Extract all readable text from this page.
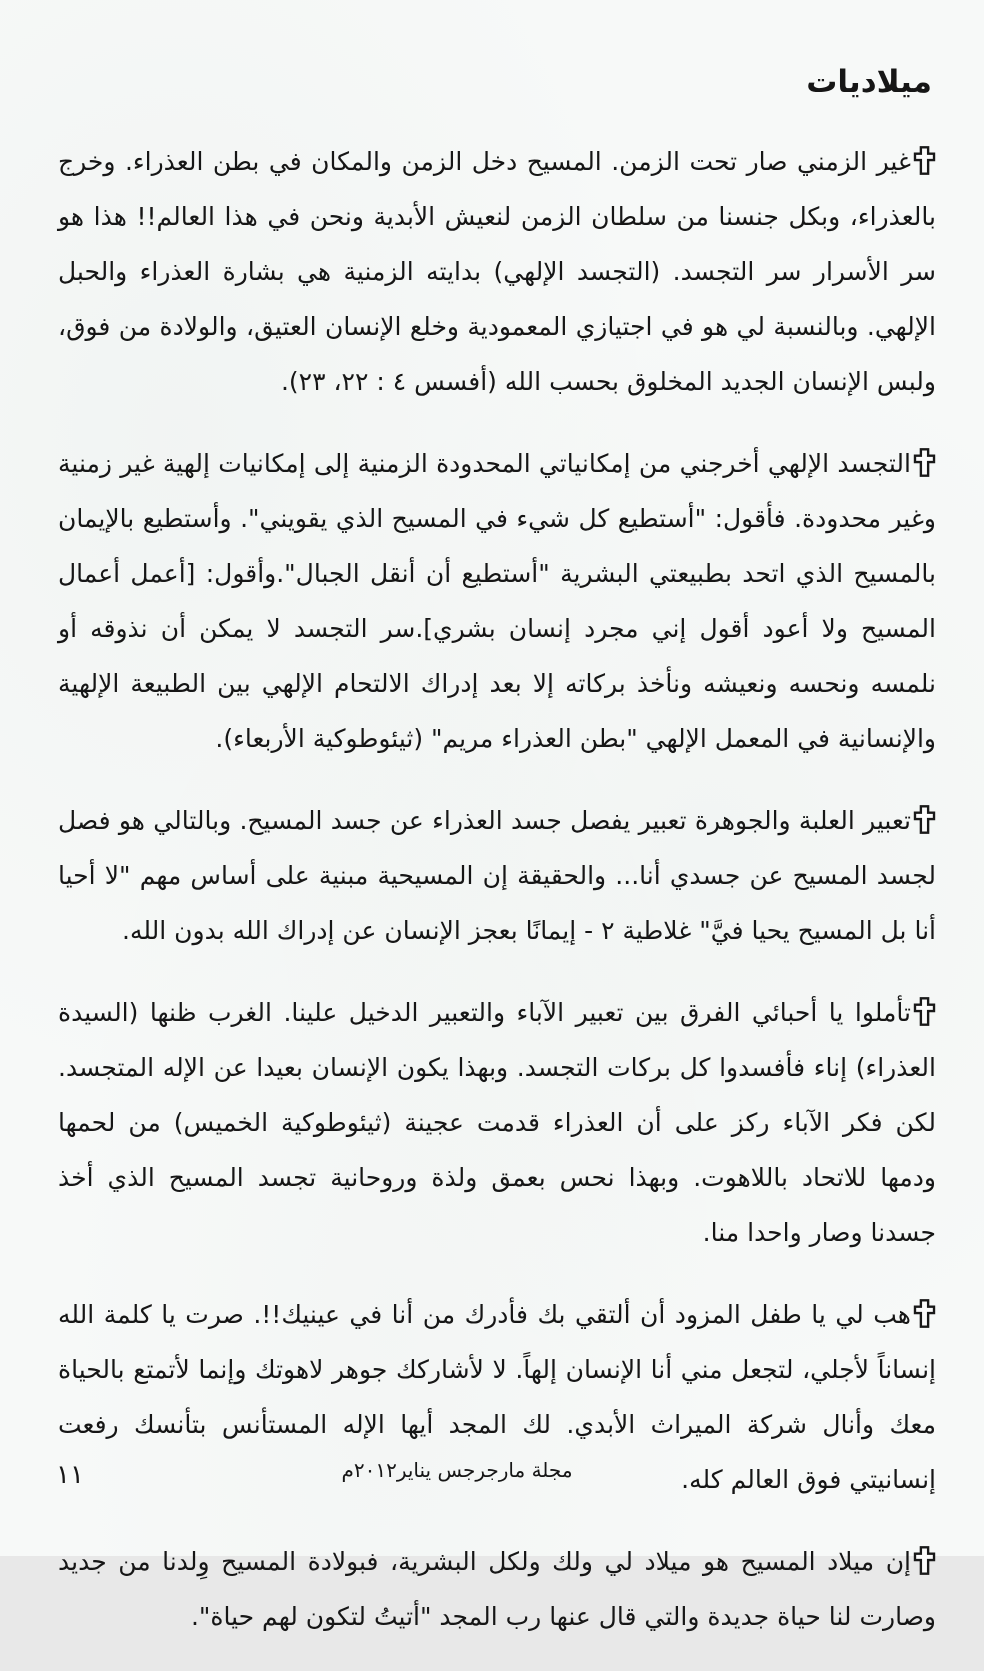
ميلاديات

غير الزمني صار تحت الزمن. المسيح دخل الزمن والمكان في بطن العذراء. وخرج بالعذراء، وبكل جنسنا من سلطان الزمن لنعيش الأبدية ونحن في هذا العالم!! هذا هو سر الأسرار سر التجسد. (التجسد الإلهي) بدايته الزمنية هي بشارة العذراء والحبل الإلهي. وبالنسبة لي هو في اجتيازي المعمودية وخلع الإنسان العتيق، والولادة من فوق، ولبس الإنسان الجديد المخلوق بحسب الله (أفسس ٤ : ٢٢، ٢٣).

التجسد الإلهي أخرجني من إمكانياتي المحدودة الزمنية إلى إمكانيات إلهية غير زمنية وغير محدودة. فأقول: "أستطيع كل شيء في المسيح الذي يقويني". وأستطيع بالإيمان بالمسيح الذي اتحد بطبيعتي البشرية "أستطيع أن أنقل الجبال".وأقول: [أعمل أعمال المسيح ولا أعود أقول إني مجرد إنسان بشري].سر التجسد لا يمكن أن نذوقه أو نلمسه ونحسه ونعيشه ونأخذ بركاته إلا بعد إدراك الالتحام الإلهي بين الطبيعة الإلهية والإنسانية في المعمل الإلهي "بطن العذراء مريم" (ثيئوطوكية الأربعاء).

تعبير العلبة والجوهرة تعبير يفصل جسد العذراء عن جسد المسيح. وبالتالي هو فصل لجسد المسيح عن جسدي أنا... والحقيقة إن المسيحية مبنية على أساس مهم "لا أحيا أنا بل المسيح يحيا فيَّ" غلاطية ٢ - إيمانًا بعجز الإنسان عن إدراك الله بدون الله.

تأملوا يا أحبائي الفرق بين تعبير الآباء والتعبير الدخيل علينا. الغرب ظنها (السيدة العذراء) إناء فأفسدوا كل بركات التجسد. وبهذا يكون الإنسان بعيدا عن الإله المتجسد. لكن فكر الآباء ركز على أن العذراء قدمت عجينة (ثيئوطوكية الخميس) من لحمها ودمها للاتحاد باللاهوت. وبهذا نحس بعمق ولذة وروحانية تجسد المسيح الذي أخذ جسدنا وصار واحدا منا.

هب لي يا طفل المزود أن ألتقي بك فأدرك من أنا في عينيك!!. صرت يا كلمة الله إنساناً لأجلي، لتجعل مني أنا الإنسان إلهاً. لا لأشاركك جوهر لاهوتك وإنما لأتمتع بالحياة معك وأنال شركة الميراث الأبدي. لك المجد أيها الإله المستأنس بتأنسك رفعت إنسانيتي فوق العالم كله.

إن ميلاد المسيح هو ميلاد لي ولك ولكل البشرية، فبولادة المسيح وِلدنا من جديد وصارت لنا حياة جديدة والتي قال عنها رب المجد "أتيتُ لتكون لهم حياة".

١١	مجلة مارجرجس يناير٢٠١٢م
